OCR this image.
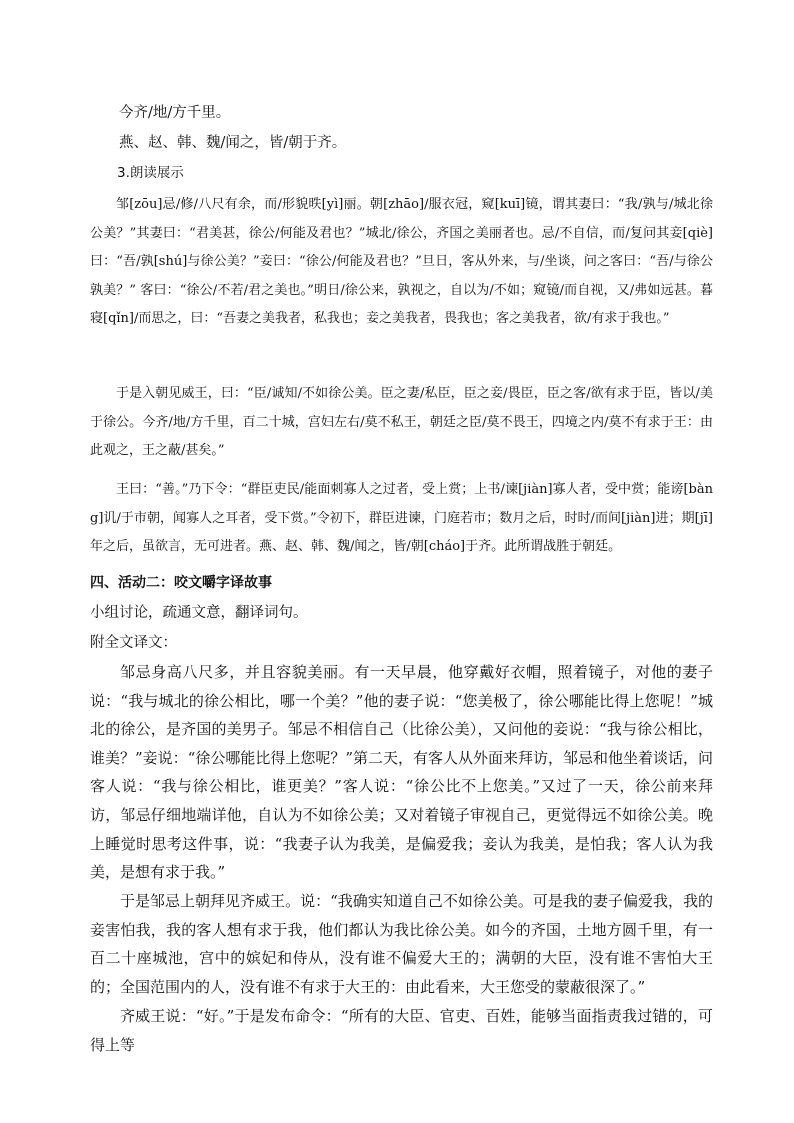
今齐/地/方千里。

燕、赵、韩、魏/闻之，皆/朝于齐。

3.朗读展示

邹[zōu]忌/修/八尺有余，而/形貌昳[yì]丽。朝[zhāo]/服衣冠，窥[kuī]镜，谓其妻曰：“我/孰与/城北徐公美？”其妻曰：“君美甚，徐公/何能及君也？”城北/徐公，齐国之美丽者也。忌/不自信，而/复问其妾[qiè]曰：“吾/孰[shú]与徐公美？”妾曰：“徐公/何能及君也？”旦日，客从外来，与/坐谈，问之客曰：“吾/与徐公孰美？” 客曰：“徐公/不若/君之美也。”明日/徐公来，孰视之，自以为/不如；窥镜/而自视，又/弗如远甚。暮寝[qǐn]/而思之，曰：“吾妻之美我者，私我也；妾之美我者，畏我也；客之美我者，欲/有求于我也。”

于是入朝见威王，曰：“臣/诚知/不如徐公美。臣之妻/私臣，臣之妾/畏臣，臣之客/欲有求于臣，皆以/美于徐公。今齐/地/方千里，百二十城，宫妇左右/莫不私王，朝廷之臣/莫不畏王，四境之内/莫不有求于王：由此观之，王之蔽/甚矣。”

王曰：“善。”乃下令：“群臣吏民/能面刺寡人之过者，受上赏；上书/谏[jiàn]寡人者，受中赏；能谤[bàng]讥/于市朝，闻寡人之耳者，受下赏。”令初下，群臣进谏，门庭若市；数月之后，时时/而间[jiàn]进；期[jī]年之后，虽欲言，无可进者。燕、赵、韩、魏/闻之，皆/朝[cháo]于齐。此所谓战胜于朝廷。

四、活动二：咬文嚼字译故事

小组讨论，疏通文意，翻译词句。

附全文译文：

邹忌身高八尺多，并且容貌美丽。有一天早晨，他穿戴好衣帽，照着镜子，对他的妻子说：“我与城北的徐公相比，哪一个美？”他的妻子说：“您美极了，徐公哪能比得上您呢！”城北的徐公，是齐国的美男子。邹忌不相信自己（比徐公美），又问他的妾说：“我与徐公相比，谁美？”妾说：“徐公哪能比得上您呢？”第二天，有客人从外面来拜访，邹忌和他坐着谈话，问客人说：“我与徐公相比，谁更美？”客人说：“徐公比不上您美。”又过了一天，徐公前来拜访，邹忌仔细地端详他，自认为不如徐公美；又对着镜子审视自己，更觉得远不如徐公美。晚上睡觉时思考这件事，说：“我妻子认为我美，是偏爱我；妾认为我美，是怕我；客人认为我美，是想有求于我。”

于是邹忌上朝拜见齐威王。说：“我确实知道自己不如徐公美。可是我的妻子偏爱我，我的妾害怕我，我的客人想有求于我，他们都认为我比徐公美。如今的齐国，土地方圆千里，有一百二十座城池，宫中的嫔妃和侍从，没有谁不偏爱大王的；满朝的大臣，没有谁不害怕大王的；全国范围内的人，没有谁不有求于大王的：由此看来，大王您受的蒙蔽很深了。”

齐威王说：“好。”于是发布命令：“所有的大臣、官吏、百姓，能够当面指责我过错的，可得上等
